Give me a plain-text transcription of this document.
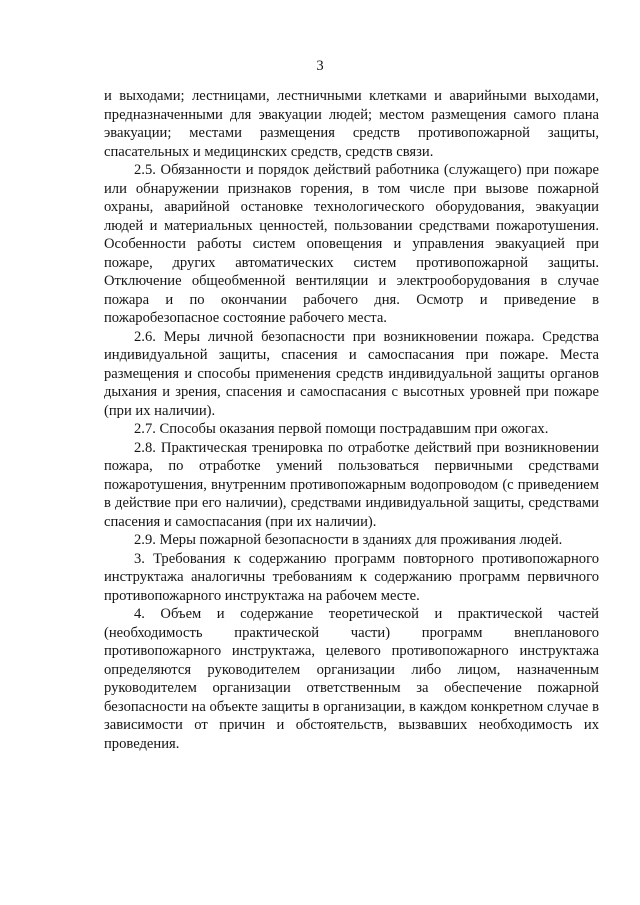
3

и выходами; лестницами, лестничными клетками и аварийными выходами, предназначенными для эвакуации людей; местом размещения самого плана эвакуации; местами размещения средств противопожарной защиты, спасательных и медицинских средств, средств связи.

2.5. Обязанности и порядок действий работника (служащего) при пожаре или обнаружении признаков горения, в том числе при вызове пожарной охраны, аварийной остановке технологического оборудования, эвакуации людей и материальных ценностей, пользовании средствами пожаротушения. Особенности работы систем оповещения и управления эвакуацией при пожаре, других автоматических систем противопожарной защиты. Отключение общеобменной вентиляции и электрооборудования в случае пожара и по окончании рабочего дня. Осмотр и приведение в пожаробезопасное состояние рабочего места.

2.6. Меры личной безопасности при возникновении пожара. Средства индивидуальной защиты, спасения и самоспасания при пожаре. Места размещения и способы применения средств индивидуальной защиты органов дыхания и зрения, спасения и самоспасания с высотных уровней при пожаре (при их наличии).

2.7. Способы оказания первой помощи пострадавшим при ожогах.

2.8. Практическая тренировка по отработке действий при возникновении пожара, по отработке умений пользоваться первичными средствами пожаротушения, внутренним противопожарным водопроводом (с приведением в действие при его наличии), средствами индивидуальной защиты, средствами спасения и самоспасания (при их наличии).

2.9. Меры пожарной безопасности в зданиях для проживания людей.

3. Требования к содержанию программ повторного противопожарного инструктажа аналогичны требованиям к содержанию программ первичного противопожарного инструктажа на рабочем месте.

4. Объем и содержание теоретической и практической частей (необходимость практической части) программ внепланового противопожарного инструктажа, целевого противопожарного инструктажа определяются руководителем организации либо лицом, назначенным руководителем организации ответственным за обеспечение пожарной безопасности на объекте защиты в организации, в каждом конкретном случае в зависимости от причин и обстоятельств, вызвавших необходимость их проведения.
